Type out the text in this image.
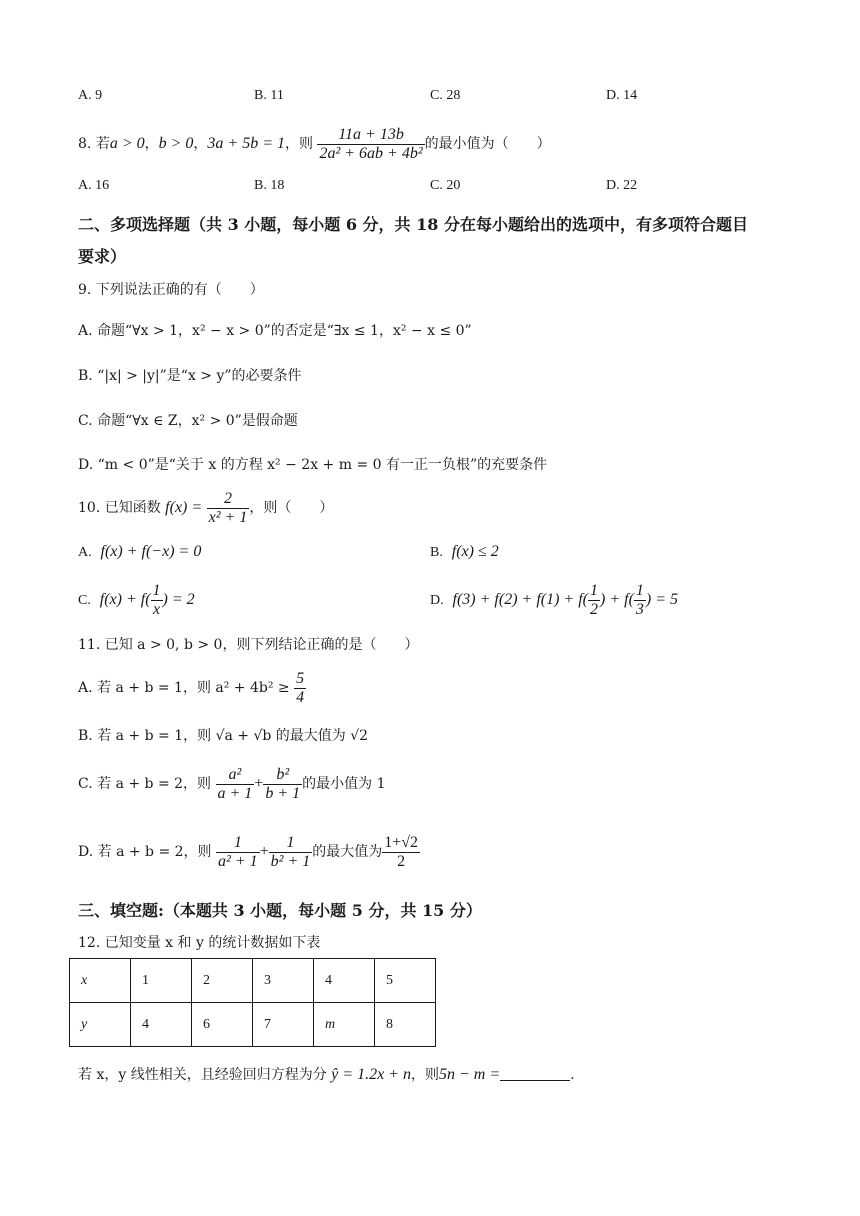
A. 9	B. 11	C. 28	D. 14
8. 若a > 0，b > 0，3a + 5b = 1，则 $\frac{11a + 13b}{\text{2a² + 6ab + 4b²}}$ 的最小值为（　　）
A. 16	B. 18	C. 20	D. 22
二、多项选择题（共 3 小题，每小题 6 分，共 18 分在每小题给出的选项中，有多项符合题目
要求）
9. 下列说法正确的有（　　）
A. 命题“∀x > 1，x² − x > 0”的否定是“∃x ≤ 1，x² − x ≤ 0”
B. “|x| > |y|”是“x > y”的必要条件
C. 命题“∀x ∈ Z，x² > 0”是假命题
D. “m < 0”是“关于 x 的方程 x² − 2x + m = 0 有一正一负根”的充要条件
10. 已知函数 $f(x) = \frac{2}{\text{x² + 1}}$ ，则（　　）
A. f(x) + f(−x) = 0	B. f(x) ≤ 2
C. $f(x) + f( \frac{1}{x}$ ) = 2	D. $f(3) + f(2) + f(1) + f( \frac{1}{2}$ ) + $f( \frac{1}{3}$ ) = 5
11. 已知 a > 0, b > 0，则下列结论正确的是（　　）
A. 若 a + b = 1，则 $a^2 + 4b^2 \ge \frac{5}{4}$
B. 若 a + b = 1，则 √a + √b 的最大值为 √2
C. 若 a + b = 2，则 $\frac{\text{a²}}{a + 1} + \frac{\text{b²}}{b + 1}$ 的最小值为 1
D. 若 a + b = 2，则 $\frac{1}{\text{a² + 1}} + \frac{1}{\text{b² + 1}}$ 的最大值为 $\frac{1+√2}{2}$
三、填空题:（本题共 3 小题，每小题 5 分，共 15 分）
12. 已知变量 x 和 y 的统计数据如下表
x	1	2	3	4	5
y	4	6	7	m	8
若 x，y 线性相关，且经验回归方程为分 ŷ = 1.2x + n，则5n − m =	.
